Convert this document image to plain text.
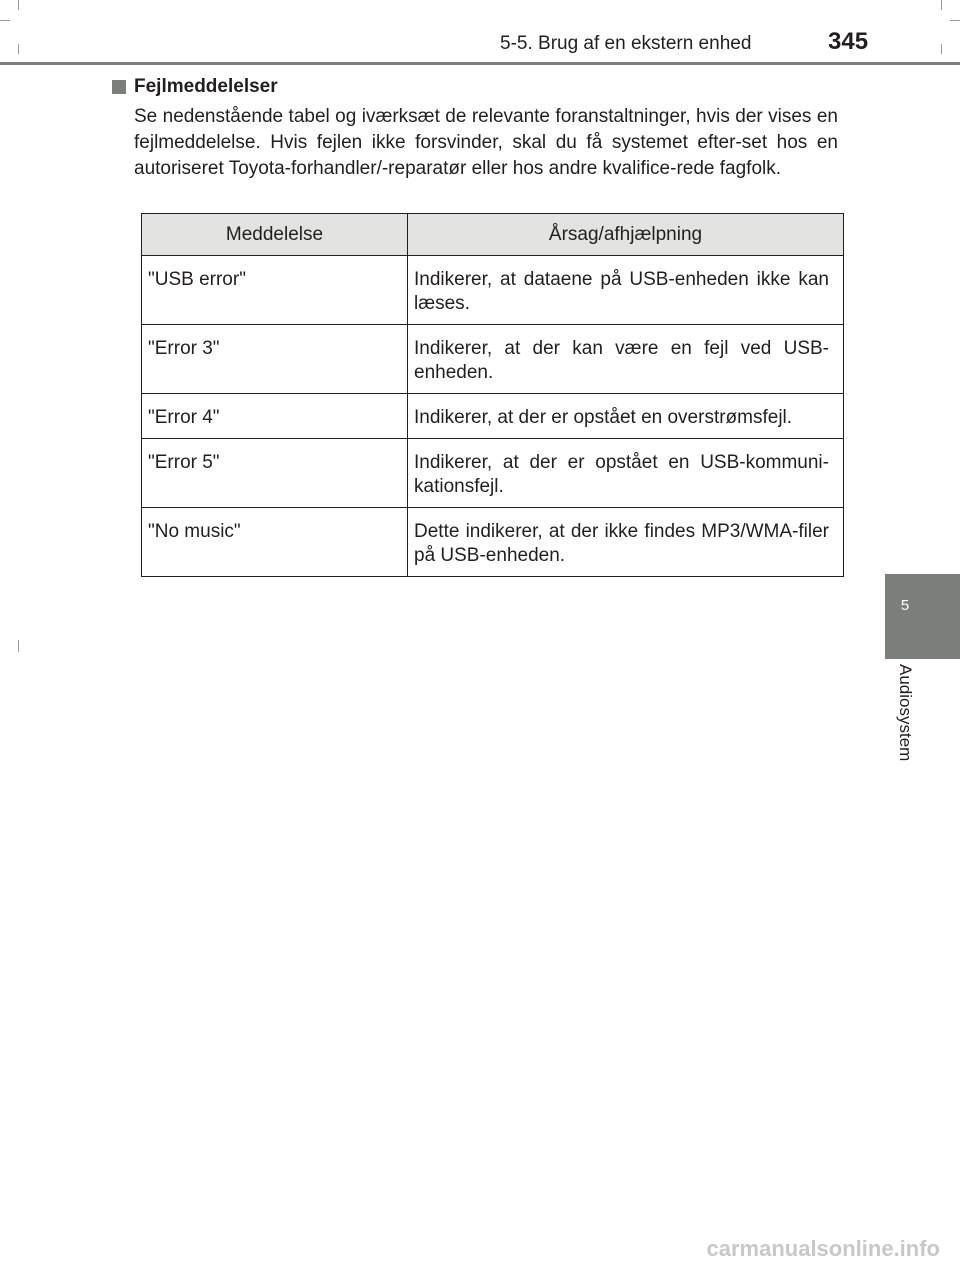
5-5. Brug af en ekstern enhed	345
5
Audiosystem
Fejlmeddelelser

Se nedenstående tabel og iværksæt de relevante foranstaltninger, hvis der vises en fejlmeddelelse. Hvis fejlen ikke forsvinder, skal du få systemet efter-set hos en autoriseret Toyota-forhandler/-reparatør eller hos andre kvalifice-rede fagfolk.

Meddelelse	Årsag/afhjælpning
"USB error"	Indikerer, at dataene på USB-enheden ikke kan læses.
"Error 3"	Indikerer, at der kan være en fejl ved USB-enheden.
"Error 4"	Indikerer, at der er opstået en overstrømsfejl.
"Error 5"	Indikerer, at der er opstået en USB-kommuni-kationsfejl.
"No music"	Dette indikerer, at der ikke findes MP3/WMA-filer på USB-enheden.
carmanualsonline.info
